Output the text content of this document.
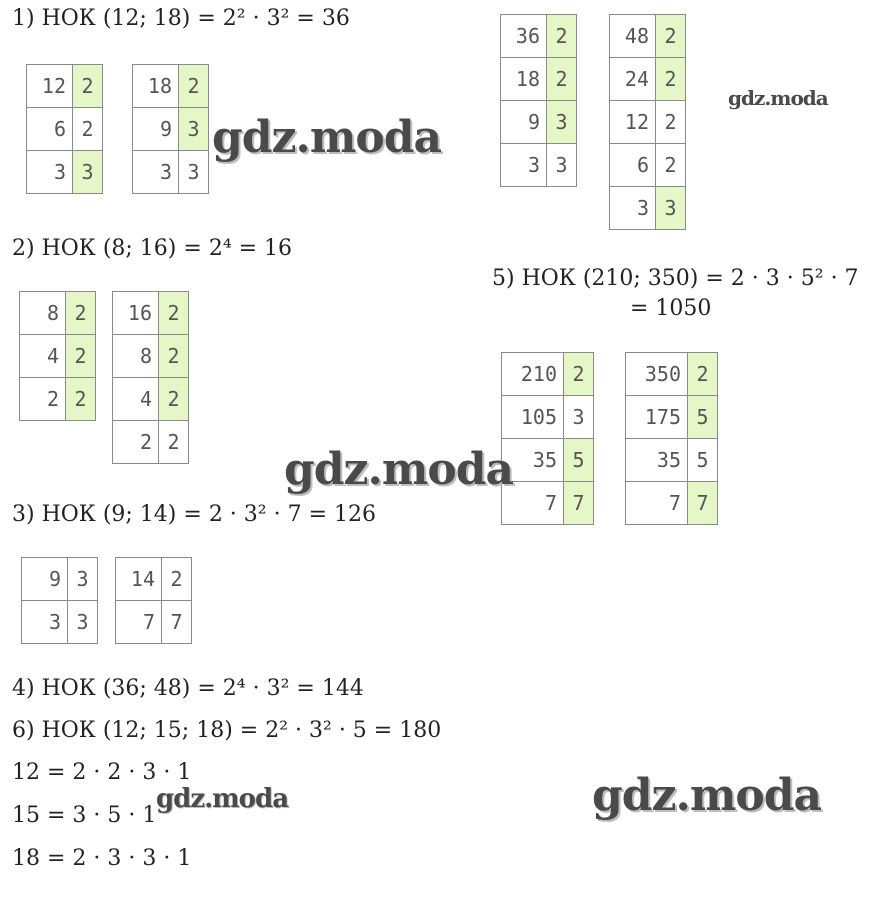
1) НОК (12; 18) = 2² · 3² = 36
2) НОК (8; 16) = 2⁴ = 16
3) НОК (9; 14) = 2 · 3² · 7 = 126
4) НОК (36; 48) = 2⁴ · 3² = 144
5) НОК (210; 350) = 2 · 3 · 5² · 7
= 1050
6) НОК (12; 15; 18) = 2² · 3² · 5 = 180
12 = 2 · 2 · 3 · 1
15 = 3 · 5 · 1
18 = 2 · 3 · 3 · 1
12	2
6	2
3	3
18	2
9	3
3	3
8	2
4	2
2	2
16	2
8	2
4	2
2	2
9	3
3	3
14	2
7	7
36	2
18	2
9	3
3	3
48	2
24	2
12	2
6	2
3	3
210	2
105	3
35	5
7	7
350	2
175	5
35	5
7	7
gdz.moda
gdz.moda
gdz.moda
gdz.moda	gdz.moda
